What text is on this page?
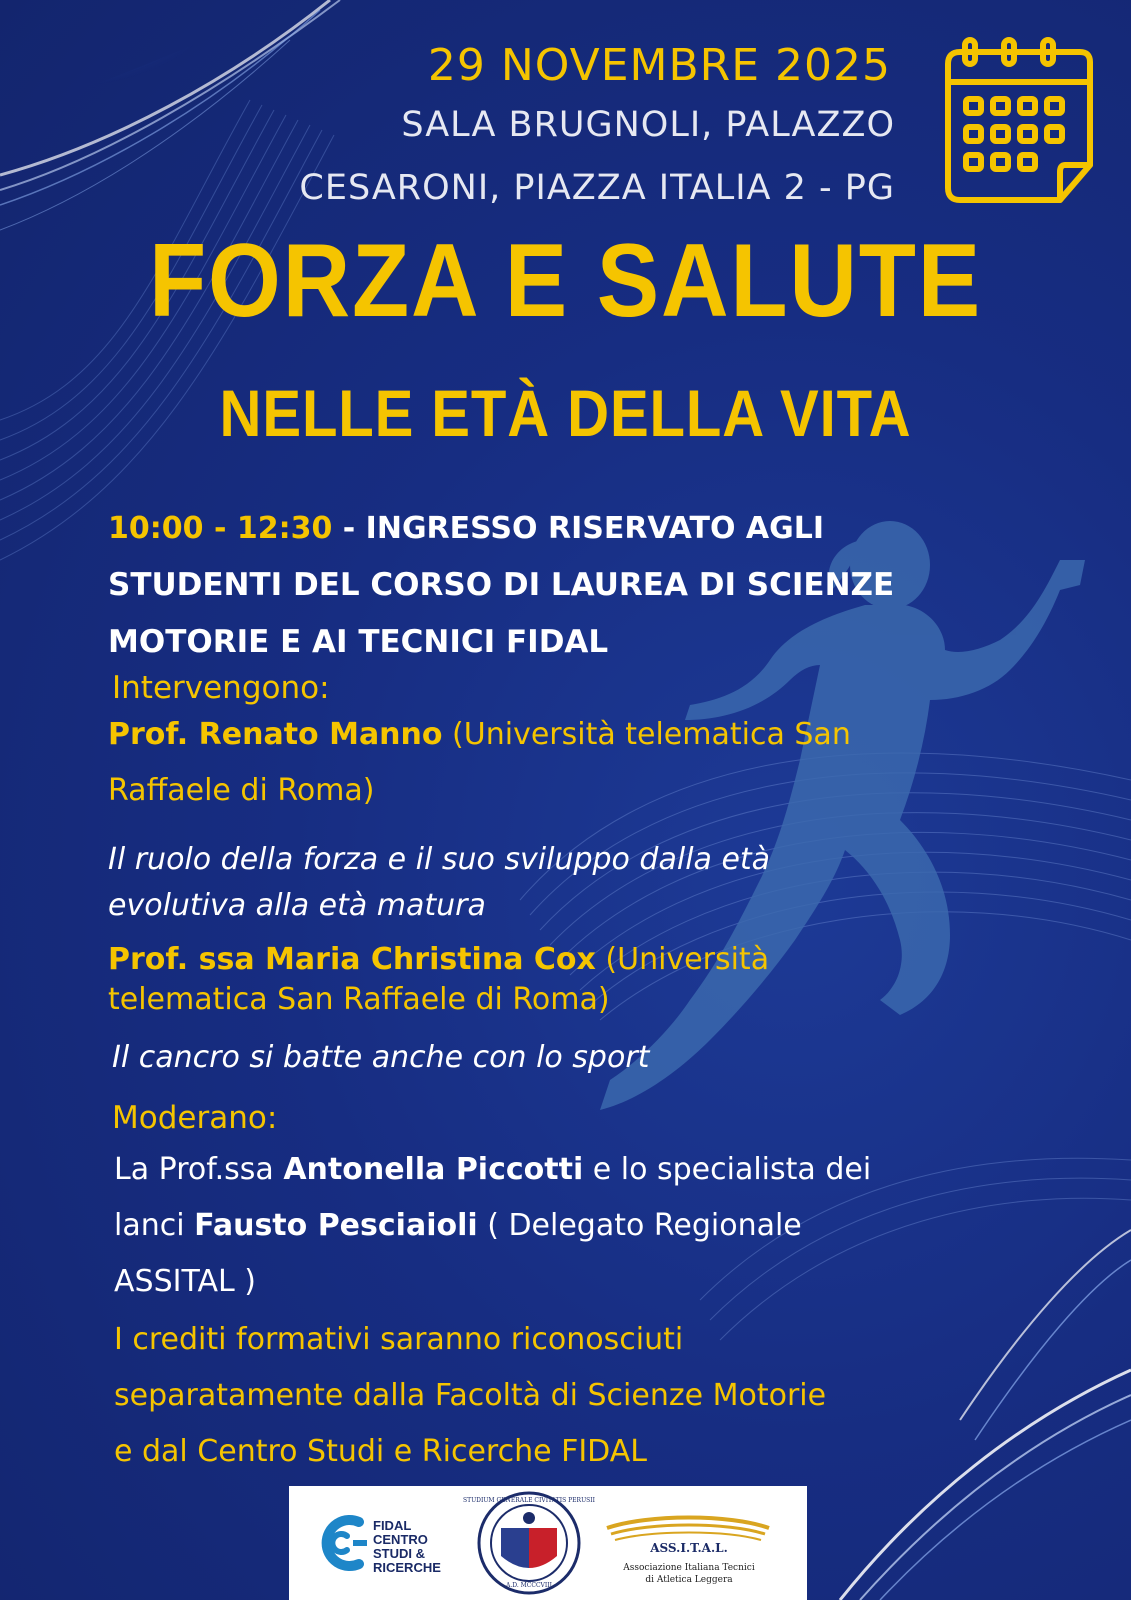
29 NOVEMBRE 2025

SALA BRUGNOLI, PALAZZO

CESARONI, PIAZZA ITALIA 2 - PG

FORZA E SALUTE
NELLE ETÀ DELLA VITA
10:00 - 12:30 - INGRESSO RISERVATO AGLI
STUDENTI DEL CORSO DI LAUREA DI SCIENZE
MOTORIE E AI TECNICI FIDAL

Intervengono:

Prof. Renato Manno (Università telematica San
Raffaele di Roma)
Il ruolo della forza e il suo sviluppo dalla età
evolutiva alla età matura
Prof. ssa Maria Christina Cox (Università
telematica San Raffaele di Roma)

Il cancro si batte anche con lo sport

Moderano:

La Prof.ssa Antonella Piccotti e lo specialista dei
lanci Fausto Pesciaioli ( Delegato Regionale
ASSITAL )
I crediti formativi saranno riconosciuti
separatamente dalla Facoltà di Scienze Motorie
e dal Centro Studi e Ricerche FIDAL
FIDAL
CENTRO
STUDI &
RICERCHE
STUDIUM GENERALE CIVITATIS PERUSII
A.D. MCCCVIII
ASS.I.T.A.L.
Associazione Italiana Tecnici
di Atletica Leggera
